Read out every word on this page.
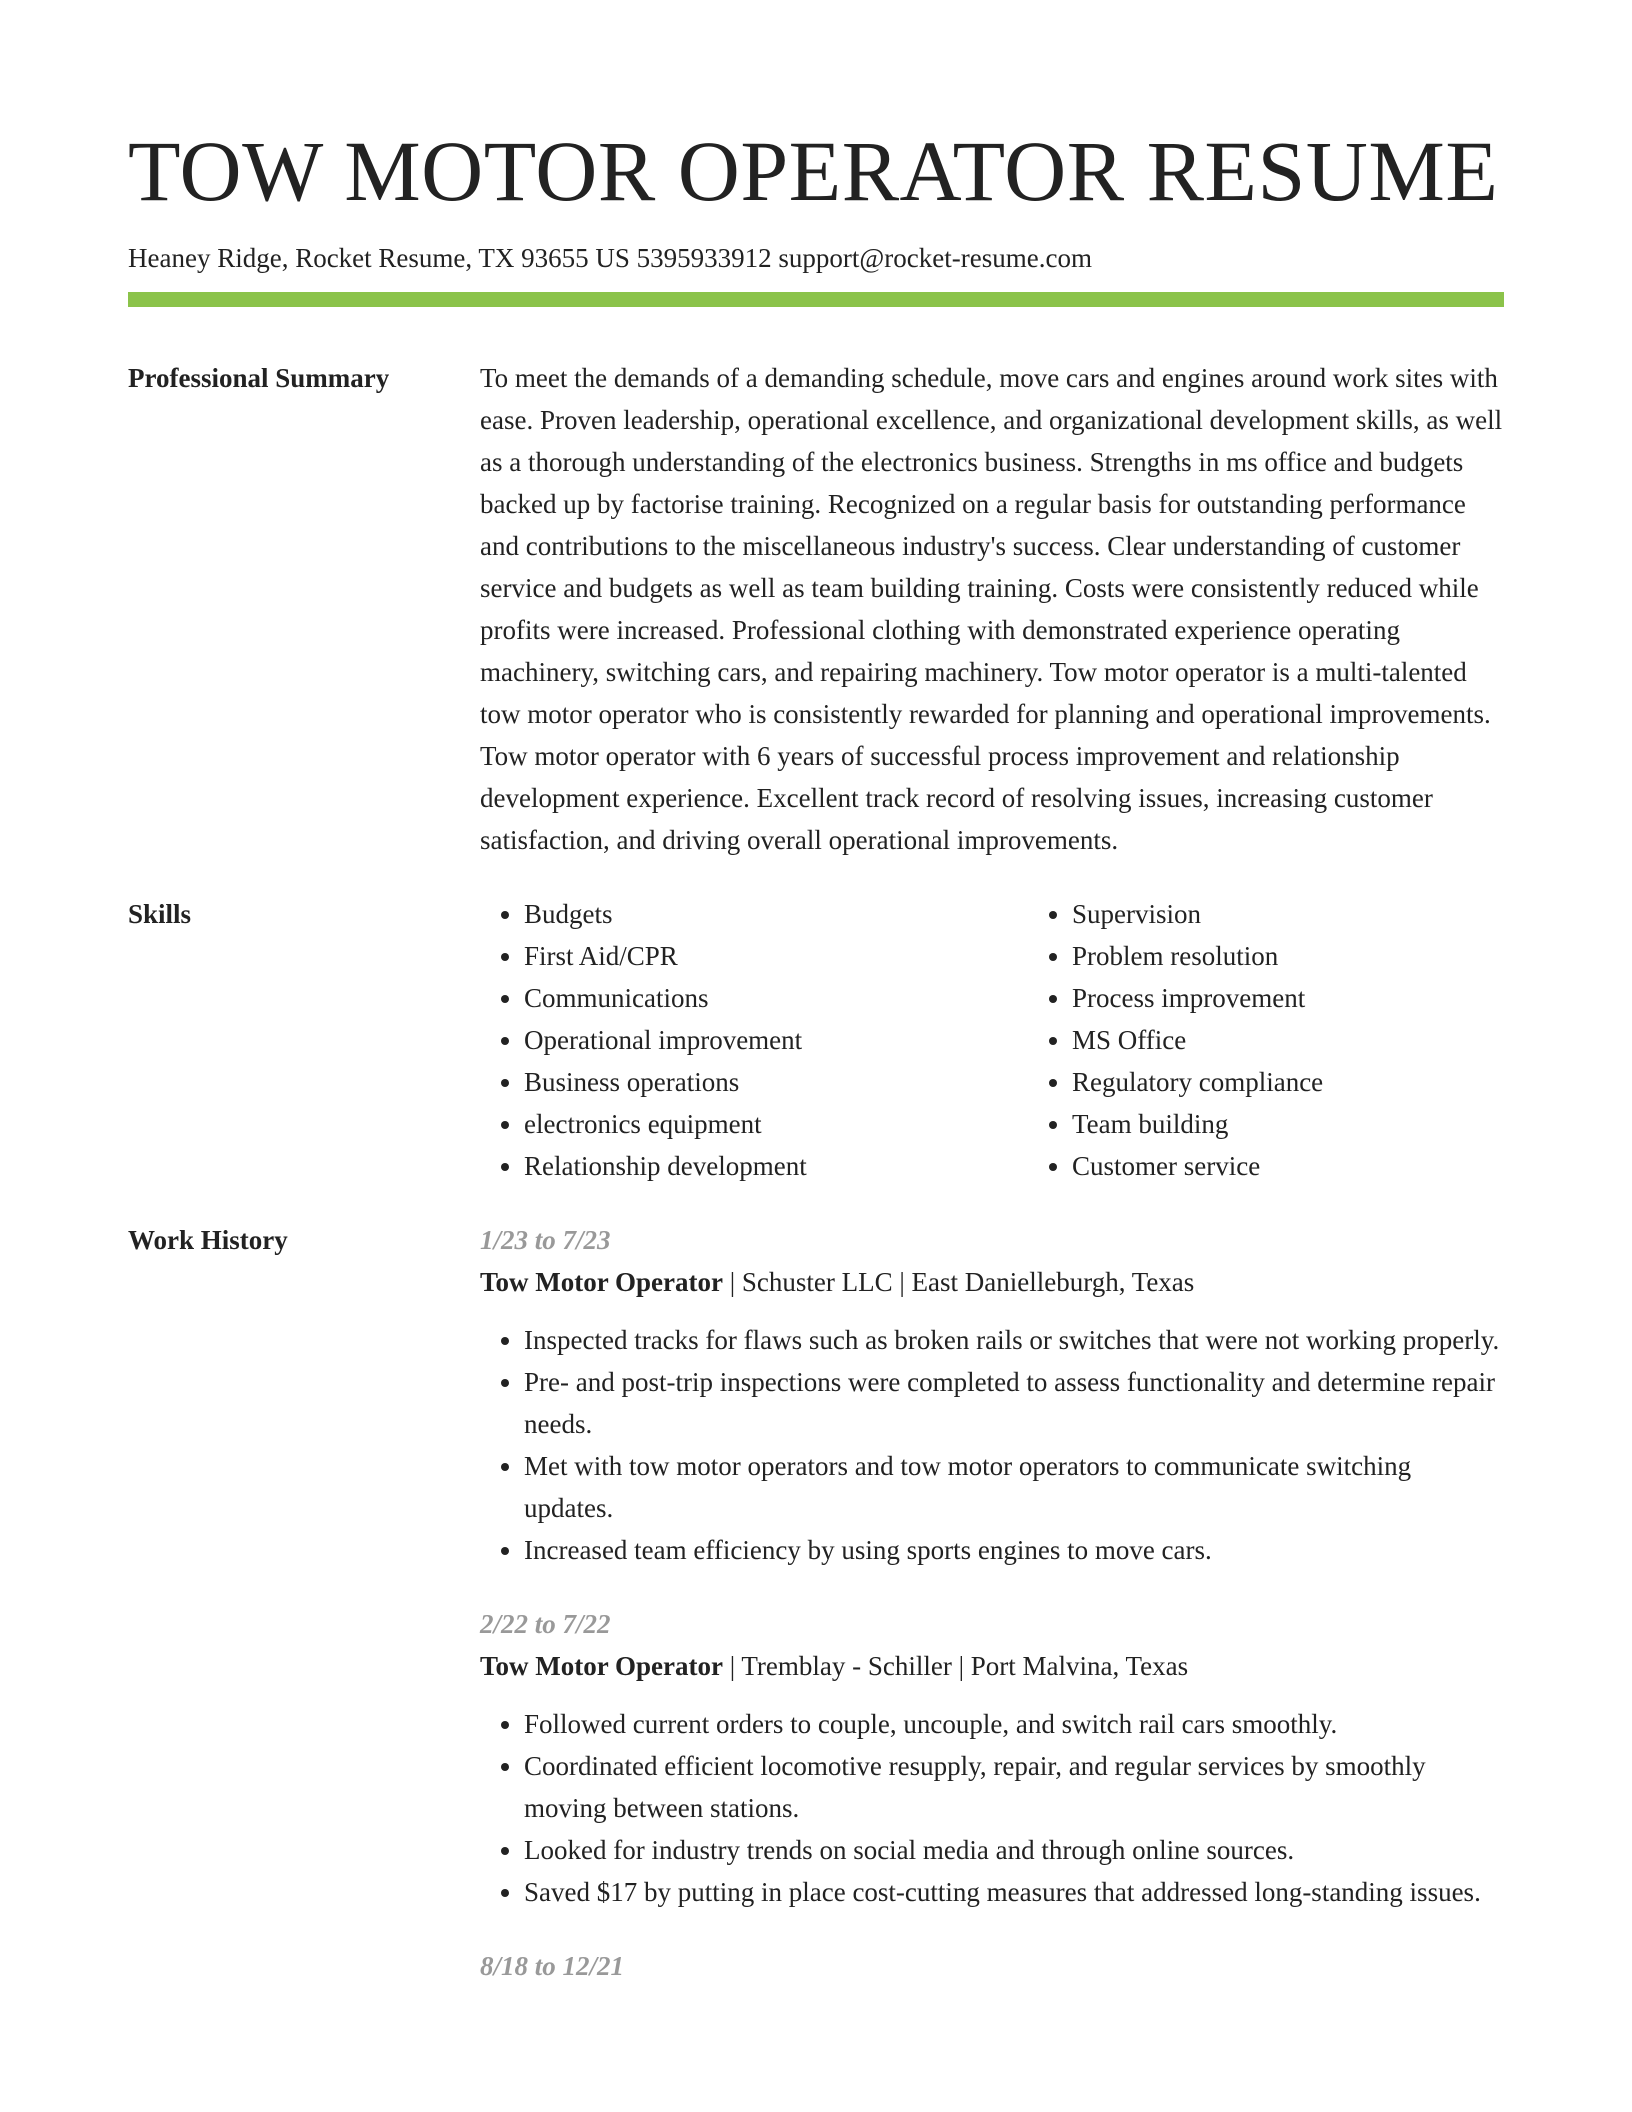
TOW MOTOR OPERATOR RESUME
Heaney Ridge, Rocket Resume, TX 93655 US 5395933912 support@rocket-resume.com
Professional Summary	To meet the demands of a demanding schedule, move cars and engines around work sites with ease. Proven leadership, operational excellence, and organizational development skills, as well as a thorough understanding of the electronics business. Strengths in ms office and budgets backed up by factorise training. Recognized on a regular basis for outstanding performance and contributions to the miscellaneous industry's success. Clear understanding of customer service and budgets as well as team building training. Costs were consistently reduced while profits were increased. Professional clothing with demonstrated experience operating machinery, switching cars, and repairing machinery. Tow motor operator is a multi-talented tow motor operator who is consistently rewarded for planning and operational improvements. Tow motor operator with 6 years of successful process improvement and relationship development experience. Excellent track record of resolving issues, increasing customer satisfaction, and driving overall operational improvements.

Skills
•	Budgets
• First Aid/CPR
• Communications
• Operational improvement
• Business operations
• electronics equipment
• Relationship development
• Supervision
• Problem resolution
• Process improvement
• MS Office
• Regulatory compliance
• Team building
• Customer service
Work History	1/23 to 7/23
Tow Motor Operator | Schuster LLC | East Danielleburgh, Texas
• Inspected tracks for flaws such as broken rails or switches that were not working properly.
• Pre- and post-trip inspections were completed to assess functionality and determine repair needs.
• Met with tow motor operators and tow motor operators to communicate switching updates.
• Increased team efficiency by using sports engines to move cars.
2/22 to 7/22
Tow Motor Operator | Tremblay - Schiller | Port Malvina, Texas
• Followed current orders to couple, uncouple, and switch rail cars smoothly.
• Coordinated efficient locomotive resupply, repair, and regular services by smoothly moving between stations.
• Looked for industry trends on social media and through online sources.
• Saved $17 by putting in place cost-cutting measures that addressed long-standing issues.
8/18 to 12/21
